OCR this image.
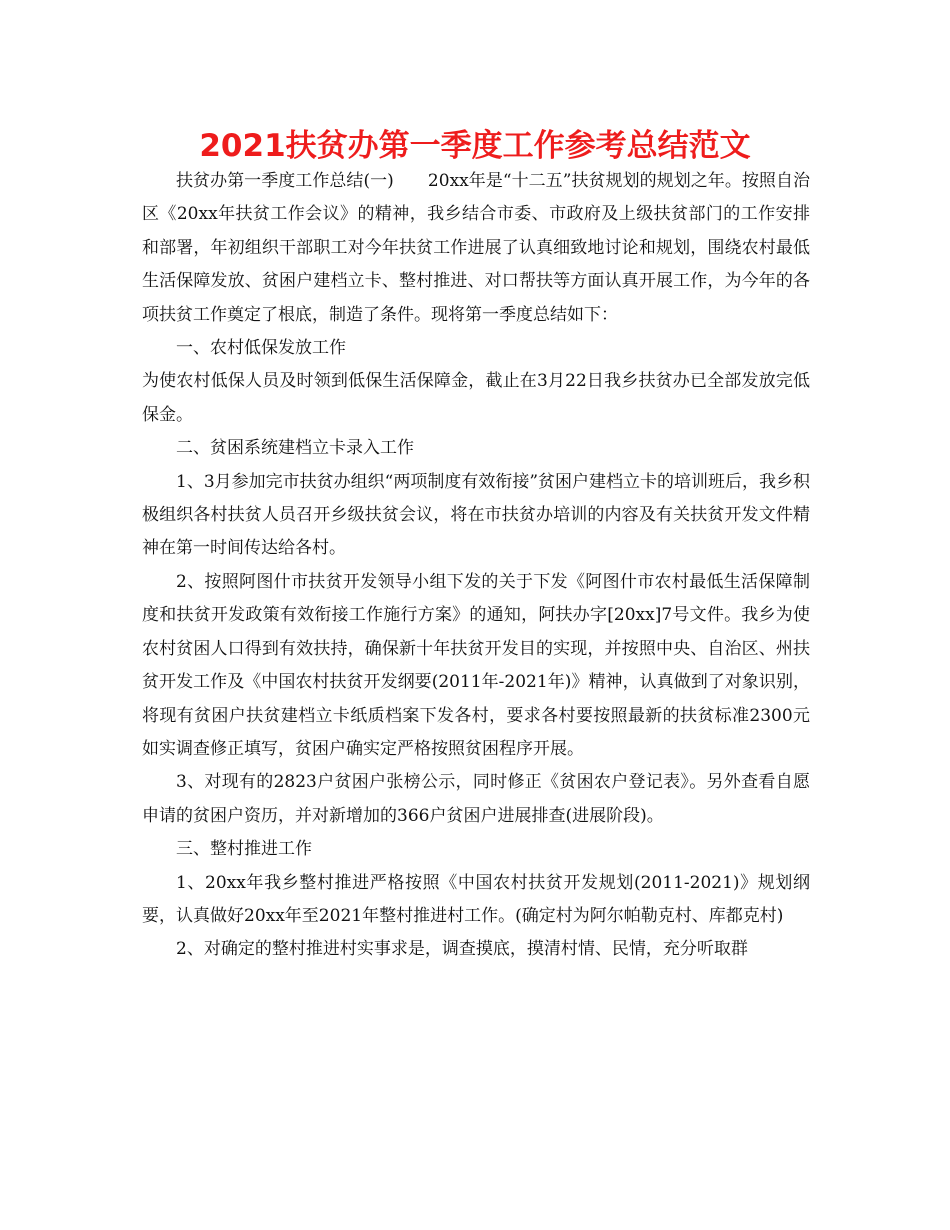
2021扶贫办第一季度工作参考总结范文

扶贫办第一季度工作总结(一)　　20xx年是“十二五”扶贫规划的规划之年。按照自治区《20xx年扶贫工作会议》的精神，我乡结合市委、市政府及上级扶贫部门的工作安排和部署，年初组织干部职工对今年扶贫工作进展了认真细致地讨论和规划，围绕农村最低生活保障发放、贫困户建档立卡、整村推进、对口帮扶等方面认真开展工作，为今年的各项扶贫工作奠定了根底，制造了条件。现将第一季度总结如下：

一、农村低保发放工作

为使农村低保人员及时领到低保生活保障金，截止在3月22日我乡扶贫办已全部发放完低保金。

二、贫困系统建档立卡录入工作

1、3月参加完市扶贫办组织“两项制度有效衔接”贫困户建档立卡的培训班后，我乡积极组织各村扶贫人员召开乡级扶贫会议，将在市扶贫办培训的内容及有关扶贫开发文件精神在第一时间传达给各村。

2、按照阿图什市扶贫开发领导小组下发的关于下发《阿图什市农村最低生活保障制度和扶贫开发政策有效衔接工作施行方案》的通知，阿扶办字[20xx]7号文件。我乡为使农村贫困人口得到有效扶持，确保新十年扶贫开发目的实现，并按照中央、自治区、州扶贫开发工作及《中国农村扶贫开发纲要(2011年-2021年)》精神，认真做到了对象识别，将现有贫困户扶贫建档立卡纸质档案下发各村，要求各村要按照最新的扶贫标准2300元如实调查修正填写，贫困户确实定严格按照贫困程序开展。

3、对现有的2823户贫困户张榜公示，同时修正《贫困农户登记表》。另外查看自愿申请的贫困户资历，并对新增加的366户贫困户进展排查(进展阶段)。

三、整村推进工作

1、20xx年我乡整村推进严格按照《中国农村扶贫开发规划(2011-2021)》规划纲要，认真做好20xx年至2021年整村推进村工作。(确定村为阿尔帕勒克村、库都克村)

2、对确定的整村推进村实事求是，调查摸底，摸清村情、民情，充分听取群
